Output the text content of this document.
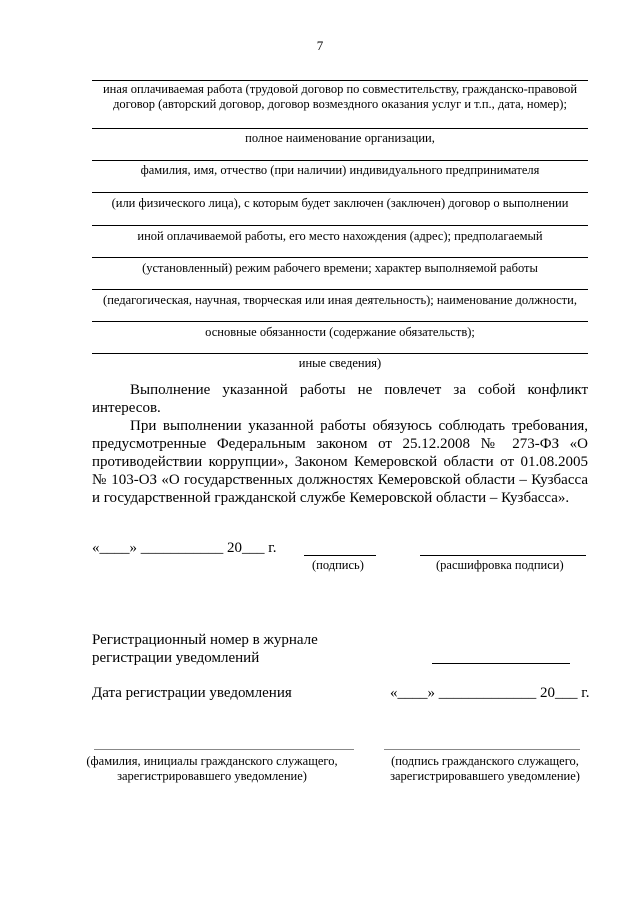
7
иная оплачиваемая работа (трудовой договор по совместительству, гражданско-правовой договор (авторский договор, договор возмездного оказания услуг и т.п., дата, номер);
полное наименование организации,
фамилия, имя, отчество (при наличии) индивидуального предпринимателя
(или физического лица), с которым будет заключен (заключен) договор о выполнении
иной оплачиваемой работы, его место нахождения (адрес); предполагаемый
(установленный) режим рабочего времени; характер выполняемой работы
(педагогическая, научная, творческая или иная деятельность); наименование должности,
основные обязанности (содержание обязательств);
иные сведения)
Выполнение указанной работы не повлечет за собой конфликт интересов.
При выполнении указанной работы обязуюсь соблюдать требования, предусмотренные Федеральным законом от 25.12.2008 № 273-ФЗ «О противодействии коррупции», Законом Кемеровской области от 01.08.2005 № 103-ОЗ «О государственных должностях Кемеровской области – Кузбасса и государственной гражданской службе Кемеровской области – Кузбасса».
«____» ___________ 20___ г.
(подпись)	(расшифровка подписи)
Регистрационный номер в журнале
регистрации уведомлений
Дата регистрации уведомления	«____» _____________ 20___ г.
(фамилия, инициалы гражданского служащего, зарегистрировавшего уведомление)
(подпись гражданского служащего, зарегистрировавшего уведомление)
